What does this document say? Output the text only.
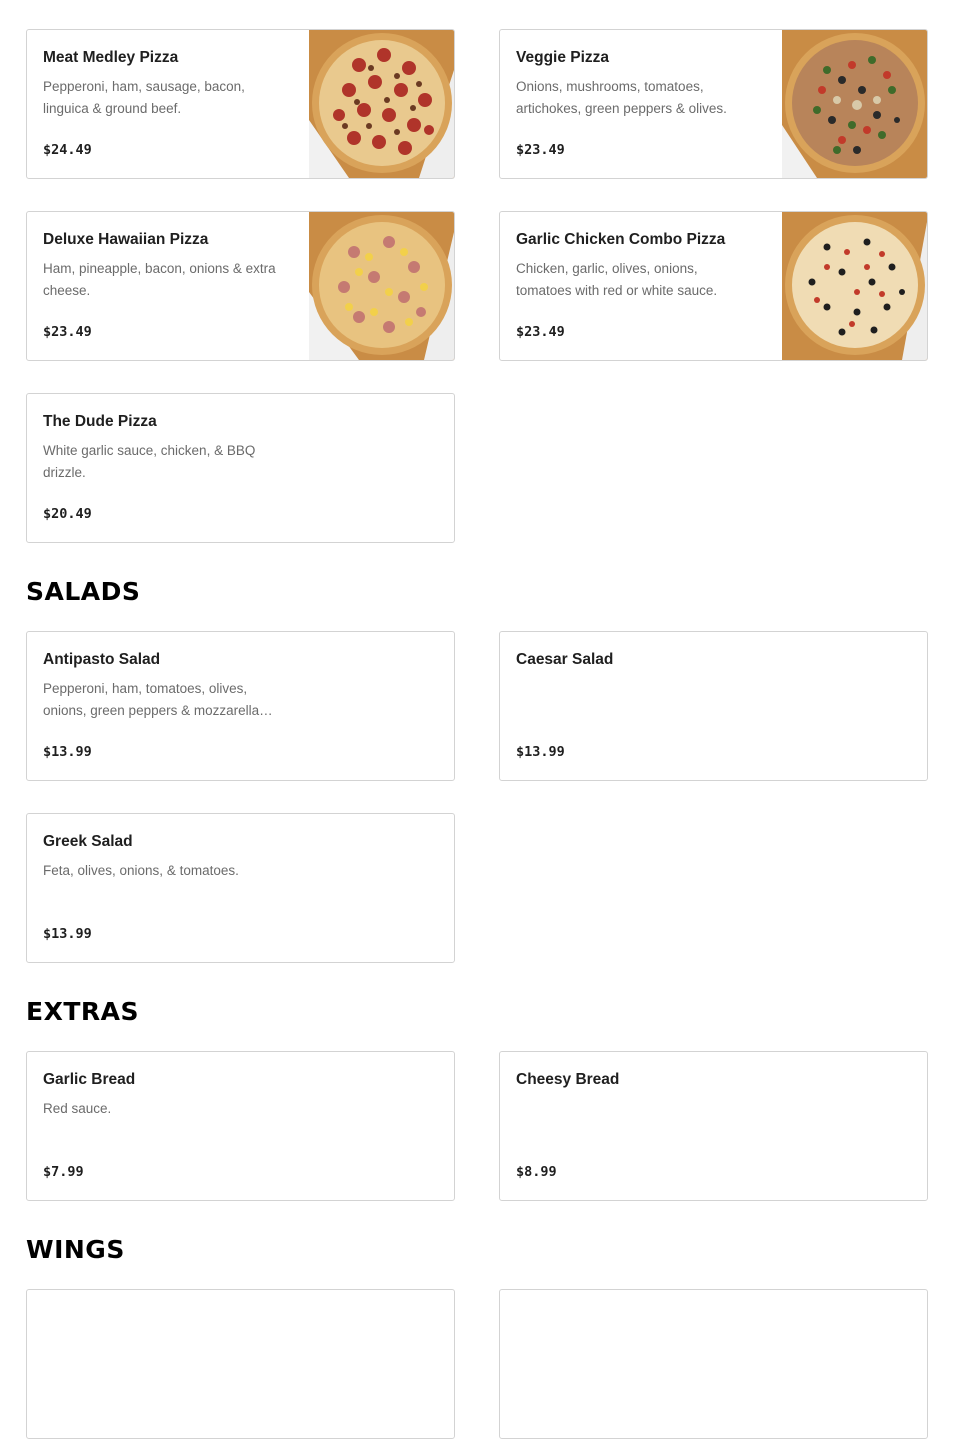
Meat Medley Pizza
Pepperoni, ham, sausage, bacon, linguica & ground beef.
$24.49
Veggie Pizza
Onions, mushrooms, tomatoes, artichokes, green peppers & olives.
$23.49
Deluxe Hawaiian Pizza
Ham, pineapple, bacon, onions & extra cheese.
$23.49
Garlic Chicken Combo Pizza
Chicken, garlic, olives, onions, tomatoes with red or white sauce.
$23.49
The Dude Pizza
White garlic sauce, chicken, & BBQ drizzle.
$20.49
SALADS
Antipasto Salad
Pepperoni, ham, tomatoes, olives, onions, green peppers & mozzarella…
$13.99
Caesar Salad
$13.99
Greek Salad
Feta, olives, onions, & tomatoes.
$13.99
EXTRAS
Garlic Bread
Red sauce.
$7.99
Cheesy Bread
$8.99
WINGS
